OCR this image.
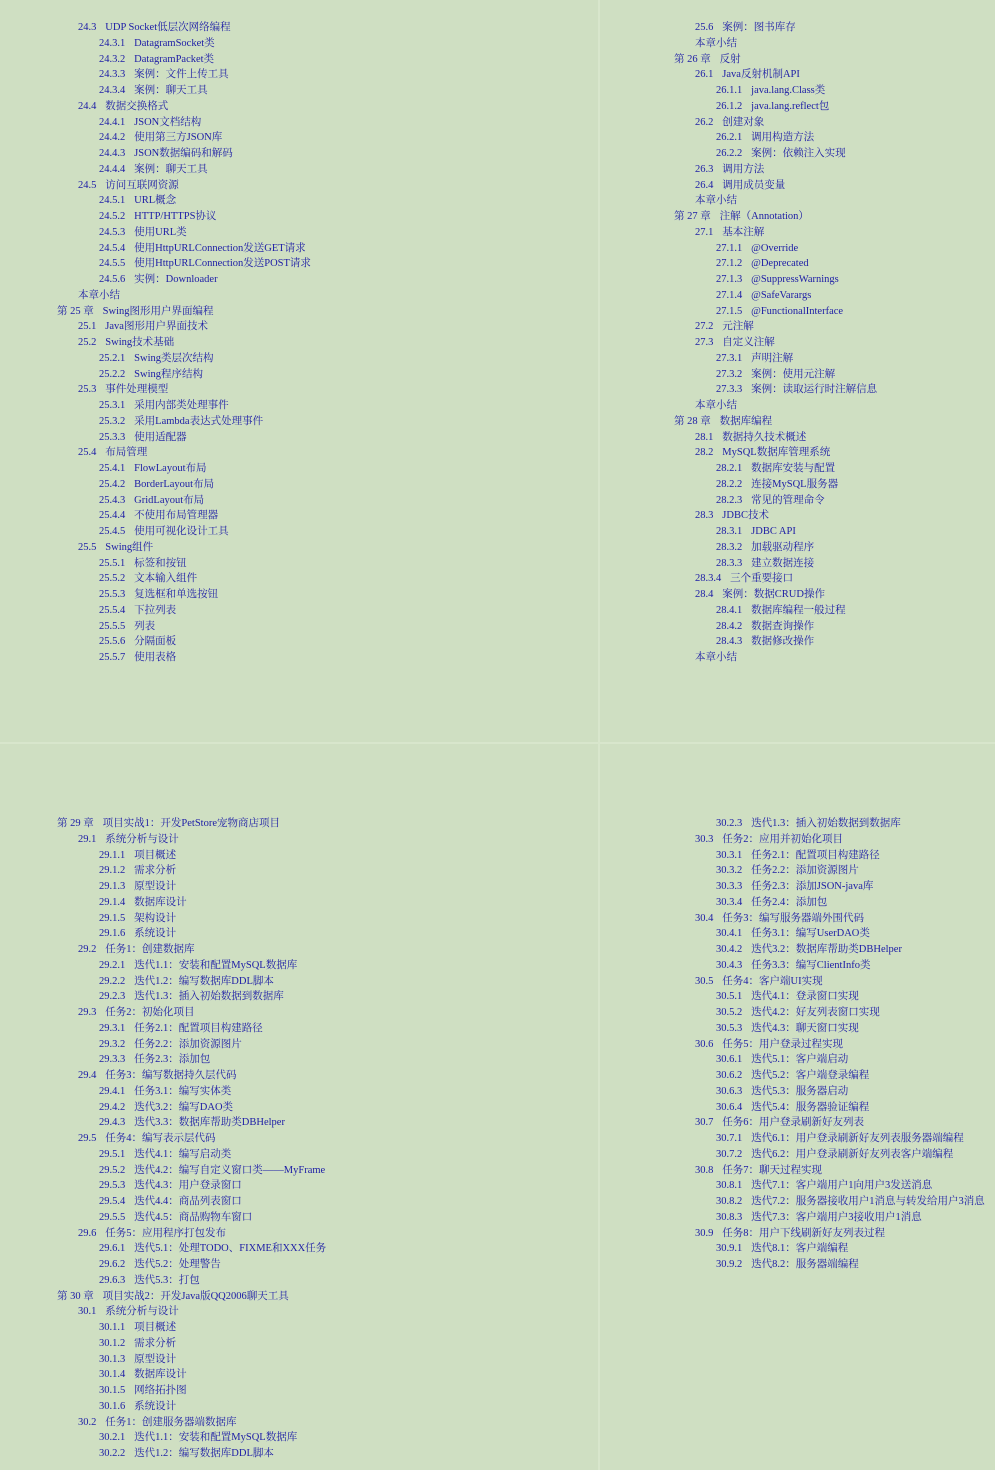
24.3 UDP Socket低层次网络编程
24.3.1 DatagramSocket类
24.3.2 DatagramPacket类
24.3.3 案例：文件上传工具
24.3.4 案例：聊天工具
24.4 数据交换格式
24.4.1 JSON文档结构
24.4.2 使用第三方JSON库
24.4.3 JSON数据编码和解码
24.4.4 案例：聊天工具
24.5 访问互联网资源
24.5.1 URL概念
24.5.2 HTTP/HTTPS协议
24.5.3 使用URL类
24.5.4 使用HttpURLConnection发送GET请求
24.5.5 使用HttpURLConnection发送POST请求
24.5.6 实例：Downloader
本章小结
第 25 章 Swing图形用户界面编程
25.1 Java图形用户界面技术
25.2 Swing技术基础
25.2.1 Swing类层次结构
25.2.2 Swing程序结构
25.3 事件处理模型
25.3.1 采用内部类处理事件
25.3.2 采用Lambda表达式处理事件
25.3.3 使用适配器
25.4 布局管理
25.4.1 FlowLayout布局
25.4.2 BorderLayout布局
25.4.3 GridLayout布局
25.4.4 不使用布局管理器
25.4.5 使用可视化设计工具
25.5 Swing组件
25.5.1 标签和按钮
25.5.2 文本输入组件
25.5.3 复选框和单选按钮
25.5.4 下拉列表
25.5.5 列表
25.5.6 分隔面板
25.5.7 使用表格
25.6 案例：图书库存
本章小结
第 26 章 反射
26.1 Java反射机制API
26.1.1 java.lang.Class类
26.1.2 java.lang.reflect包
26.2 创建对象
26.2.1 调用构造方法
26.2.2 案例：依赖注入实现
26.3 调用方法
26.4 调用成员变量
本章小结
第 27 章 注解（Annotation）
27.1 基本注解
27.1.1 @Override
27.1.2 @Deprecated
27.1.3 @SuppressWarnings
27.1.4 @SafeVarargs
27.1.5 @FunctionalInterface
27.2 元注解
27.3 自定义注解
27.3.1 声明注解
27.3.2 案例：使用元注解
27.3.3 案例：读取运行时注解信息
本章小结
第 28 章 数据库编程
28.1 数据持久技术概述
28.2 MySQL数据库管理系统
28.2.1 数据库安装与配置
28.2.2 连接MySQL服务器
28.2.3 常见的管理命令
28.3 JDBC技术
28.3.1 JDBC API
28.3.2 加载驱动程序
28.3.3 建立数据连接
28.3.4 三个重要接口
28.4 案例：数据CRUD操作
28.4.1 数据库编程一般过程
28.4.2 数据查询操作
28.4.3 数据修改操作
本章小结
第 29 章 项目实战1：开发PetStore宠物商店项目
29.1 系统分析与设计
29.1.1 项目概述
29.1.2 需求分析
29.1.3 原型设计
29.1.4 数据库设计
29.1.5 架构设计
29.1.6 系统设计
29.2 任务1：创建数据库
29.2.1 迭代1.1：安装和配置MySQL数据库
29.2.2 迭代1.2：编写数据库DDL脚本
29.2.3 迭代1.3：插入初始数据到数据库
29.3 任务2：初始化项目
29.3.1 任务2.1：配置项目构建路径
29.3.2 任务2.2：添加资源图片
29.3.3 任务2.3：添加包
29.4 任务3：编写数据持久层代码
29.4.1 任务3.1：编写实体类
29.4.2 迭代3.2：编写DAO类
29.4.3 迭代3.3：数据库帮助类DBHelper
29.5 任务4：编写表示层代码
29.5.1 迭代4.1：编写启动类
29.5.2 迭代4.2：编写自定义窗口类——MyFrame
29.5.3 迭代4.3：用户登录窗口
29.5.4 迭代4.4：商品列表窗口
29.5.5 迭代4.5：商品购物车窗口
29.6 任务5：应用程序打包发布
29.6.1 迭代5.1：处理TODO、FIXME和XXX任务
29.6.2 迭代5.2：处理警告
29.6.3 迭代5.3：打包
第 30 章 项目实战2：开发Java版QQ2006聊天工具
30.1 系统分析与设计
30.1.1 项目概述
30.1.2 需求分析
30.1.3 原型设计
30.1.4 数据库设计
30.1.5 网络拓扑图
30.1.6 系统设计
30.2 任务1：创建服务器端数据库
30.2.1 迭代1.1：安装和配置MySQL数据库
30.2.2 迭代1.2：编写数据库DDL脚本
30.2.3 迭代1.3：插入初始数据到数据库
30.3 任务2：应用并初始化项目
30.3.1 任务2.1：配置项目构建路径
30.3.2 任务2.2：添加资源图片
30.3.3 任务2.3：添加JSON-java库
30.3.4 任务2.4：添加包
30.4 任务3：编写服务器端外围代码
30.4.1 任务3.1：编写UserDAO类
30.4.2 迭代3.2：数据库帮助类DBHelper
30.4.3 任务3.3：编写ClientInfo类
30.5 任务4：客户端UI实现
30.5.1 迭代4.1：登录窗口实现
30.5.2 迭代4.2：好友列表窗口实现
30.5.3 迭代4.3：聊天窗口实现
30.6 任务5：用户登录过程实现
30.6.1 迭代5.1：客户端启动
30.6.2 迭代5.2：客户端登录编程
30.6.3 迭代5.3：服务器启动
30.6.4 迭代5.4：服务器验证编程
30.7 任务6：用户登录刷新好友列表
30.7.1 迭代6.1：用户登录刷新好友列表服务器端编程
30.7.2 迭代6.2：用户登录刷新好友列表客户端编程
30.8 任务7：聊天过程实现
30.8.1 迭代7.1：客户端用户1向用户3发送消息
30.8.2 迭代7.2：服务器接收用户1消息与转发给用户3消息
30.8.3 迭代7.3：客户端用户3接收用户1消息
30.9 任务8：用户下线刷新好友列表过程
30.9.1 迭代8.1：客户端编程
30.9.2 迭代8.2：服务器端编程
